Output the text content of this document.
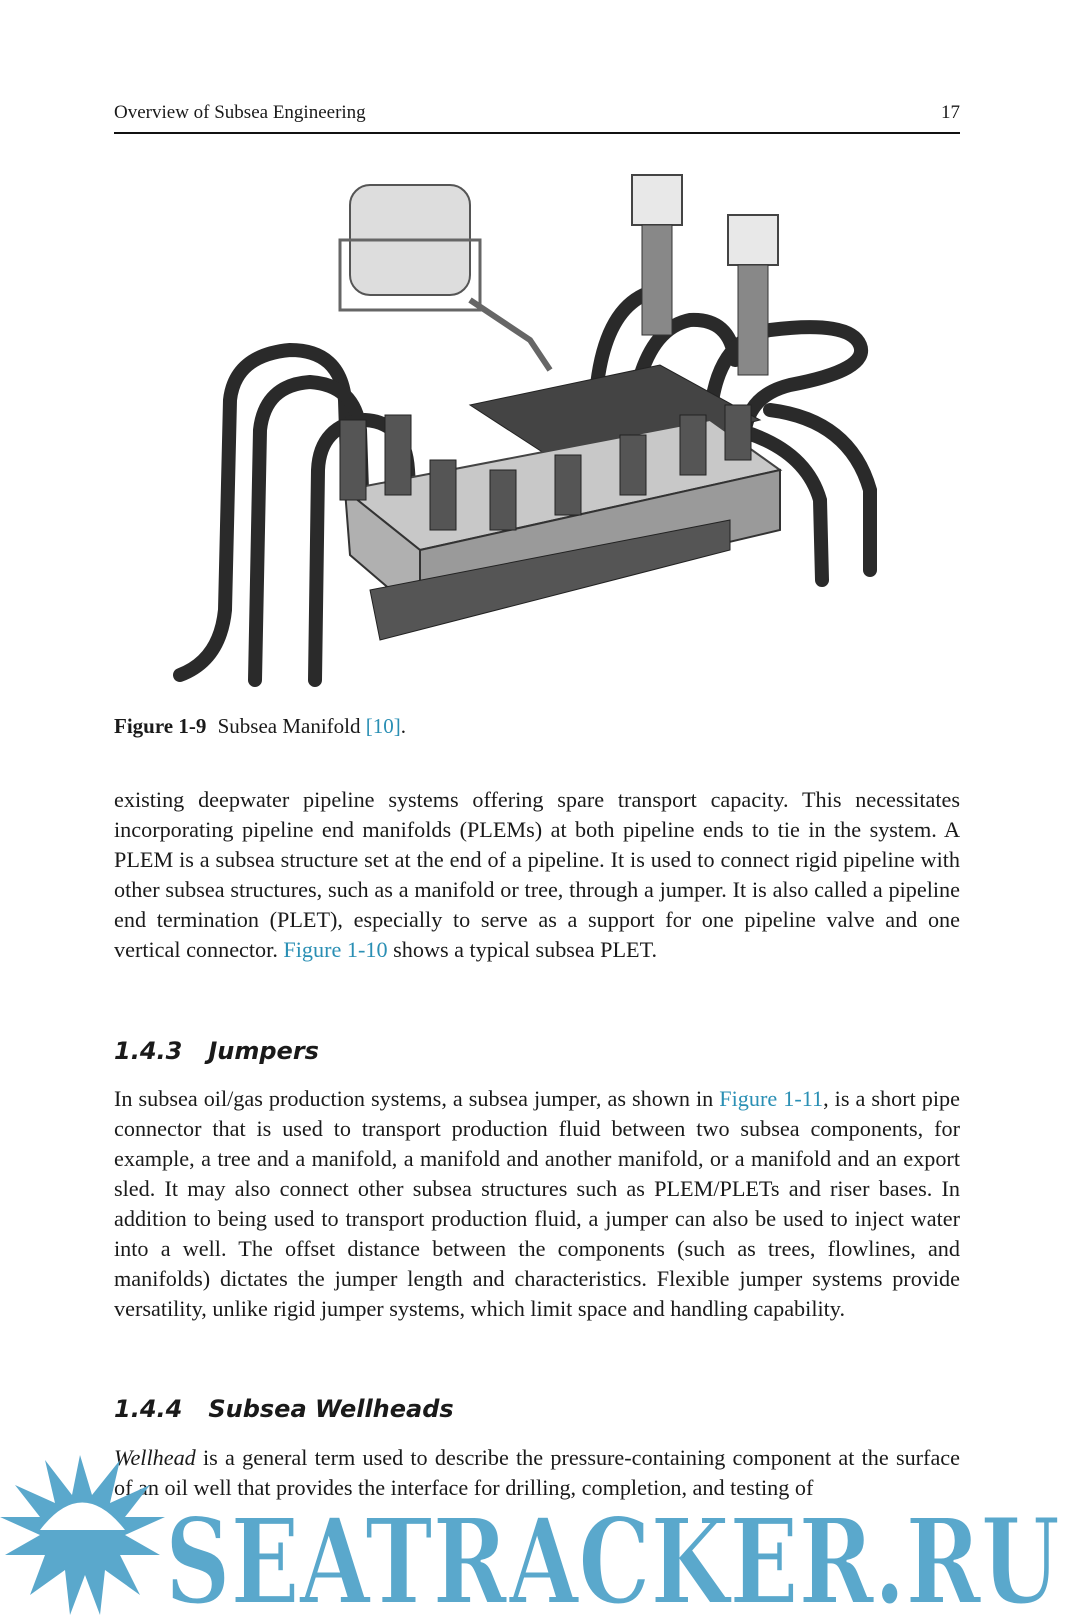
Overview of Subsea Engineering	17
Figure 1-9 Subsea Manifold [10].
existing deepwater pipeline systems offering spare transport capacity. This necessitates incorporating pipeline end manifolds (PLEMs) at both pipeline ends to tie in the system. A PLEM is a subsea structure set at the end of a pipeline. It is used to connect rigid pipeline with other subsea structures, such as a manifold or tree, through a jumper. It is also called a pipeline end termination (PLET), especially to serve as a support for one pipeline valve and one vertical connector. Figure 1-10 shows a typical subsea PLET.
1.4.3 Jumpers
In subsea oil/gas production systems, a subsea jumper, as shown in Figure 1-11, is a short pipe connector that is used to transport production fluid between two subsea components, for example, a tree and a manifold, a manifold and another manifold, or a manifold and an export sled. It may also connect other subsea structures such as PLEM/PLETs and riser bases. In addition to being used to transport production fluid, a jumper can also be used to inject water into a well. The offset distance between the components (such as trees, flowlines, and manifolds) dictates the jumper length and characteristics. Flexible jumper systems provide versatility, unlike rigid jumper systems, which limit space and handling capability.
1.4.4 Subsea Wellheads
Wellhead is a general term used to describe the pressure-containing component at the surface of an oil well that provides the interface for drilling, completion, and testing of
SEATRACKER.RU
